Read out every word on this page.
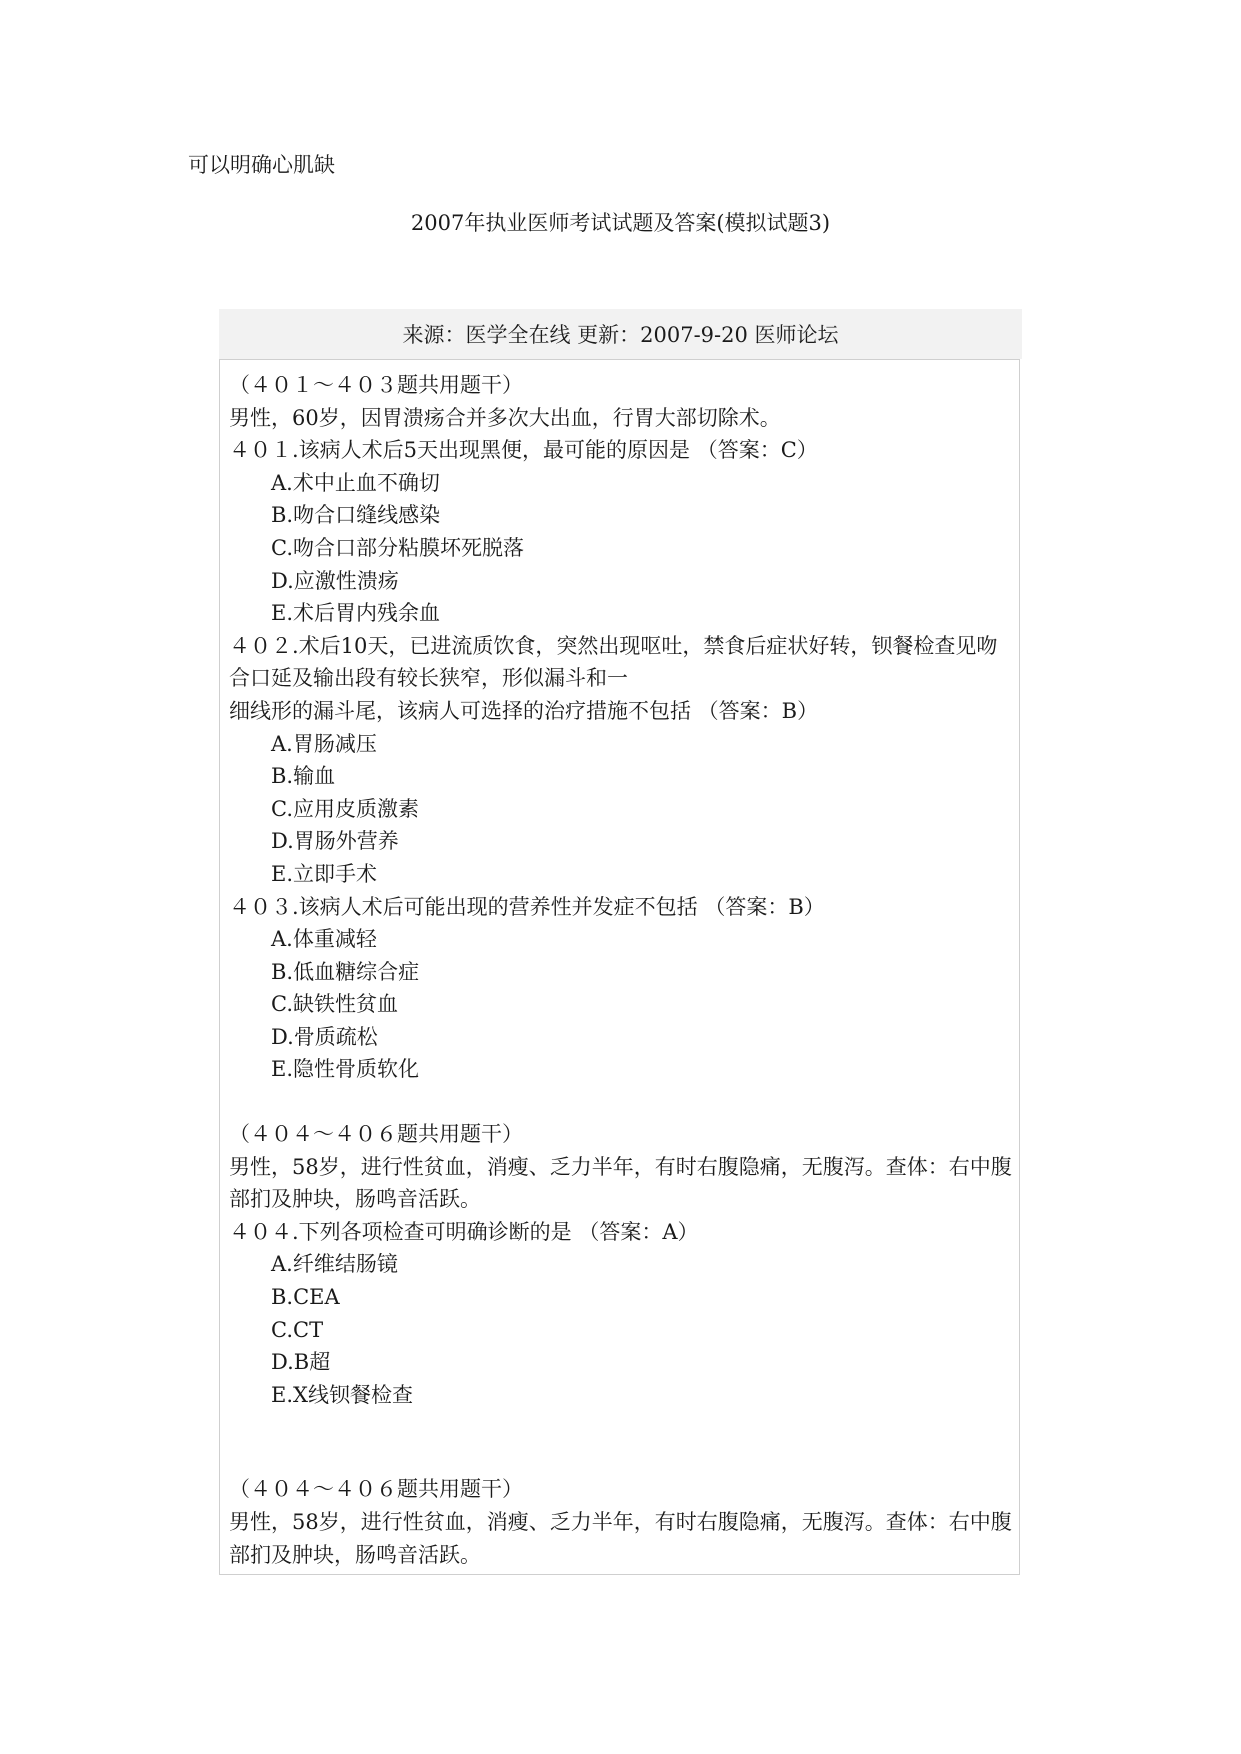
可以明确心肌缺
2007年执业医师考试试题及答案(模拟试题3)
来源：医学全在线 更新：2007-9-20 医师论坛
（４０１～４０３题共用题干）
男性，60岁，因胃溃疡合并多次大出血，行胃大部切除术。
４０１.该病人术后5天出现黑便，最可能的原因是 （答案：C）
A.术中止血不确切
B.吻合口缝线感染
C.吻合口部分粘膜坏死脱落
D.应激性溃疡
E.术后胃内残余血
４０２.术后10天，已进流质饮食，突然出现呕吐，禁食后症状好转，钡餐检查见吻合口延及输出段有较长狭窄，形似漏斗和一
细线形的漏斗尾，该病人可选择的治疗措施不包括 （答案：B）
A.胃肠减压
B.输血
C.应用皮质激素
D.胃肠外营养
E.立即手术
４０３.该病人术后可能出现的营养性并发症不包括 （答案：B）
A.体重减轻
B.低血糖综合症
C.缺铁性贫血
D.骨质疏松
E.隐性骨质软化
（４０４～４０６题共用题干）
男性，58岁，进行性贫血，消瘦、乏力半年，有时右腹隐痛，无腹泻。查体：右中腹部扪及肿块，肠鸣音活跃。
４０４.下列各项检查可明确诊断的是 （答案：A）
A.纤维结肠镜
B.CEA
C.CT
D.B超
E.X线钡餐检查
（４０４～４０６题共用题干）
男性，58岁，进行性贫血，消瘦、乏力半年，有时右腹隐痛，无腹泻。查体：右中腹部扪及肿块，肠鸣音活跃。
